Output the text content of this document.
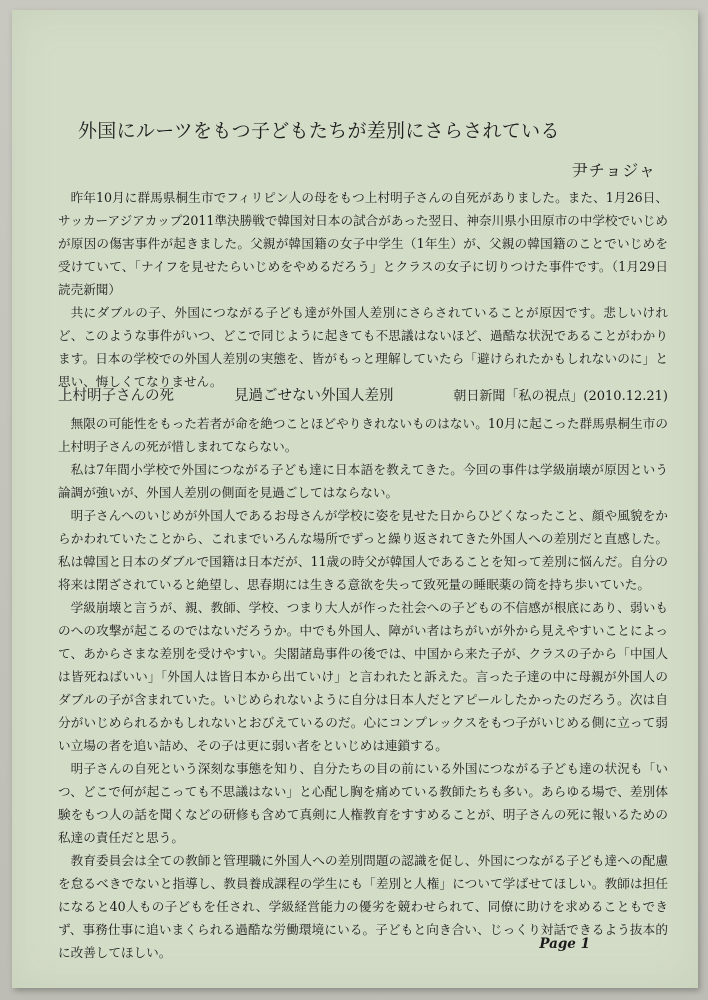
外国にルーツをもつ子どもたちが差別にさらされている
尹チョジャ

昨年10月に群馬県桐生市でフィリピン人の母をもつ上村明子さんの自死がありました。また、1月26日、サッカーアジアカップ2011準決勝戦で韓国対日本の試合があった翌日、神奈川県小田原市の中学校でいじめが原因の傷害事件が起きました。父親が韓国籍の女子中学生（1年生）が、父親の韓国籍のことでいじめを受けていて、「ナイフを見せたらいじめをやめるだろう」とクラスの女子に切りつけた事件です。（1月29日読売新聞）

共にダブルの子、外国につながる子ども達が外国人差別にさらされていることが原因です。悲しいけれど、このような事件がいつ、どこで同じように起きても不思議はないほど、過酷な状況であることがわかります。日本の学校での外国人差別の実態を、皆がもっと理解していたら「避けられたかもしれないのに」と思い、悔しくてなりません。

上村明子さんの死	見過ごせない外国人差別	朝日新聞「私の視点」(2010.12.21)

無限の可能性をもった若者が命を絶つことほどやりきれないものはない。10月に起こった群馬県桐生市の上村明子さんの死が惜しまれてならない。

私は7年間小学校で外国につながる子ども達に日本語を教えてきた。今回の事件は学級崩壊が原因という論調が強いが、外国人差別の側面を見過ごしてはならない。

明子さんへのいじめが外国人であるお母さんが学校に姿を見せた日からひどくなったこと、顔や風貌をからかわれていたことから、これまでいろんな場所でずっと繰り返されてきた外国人への差別だと直感した。私は韓国と日本のダブルで国籍は日本だが、11歳の時父が韓国人であることを知って差別に悩んだ。自分の将来は閉ざされていると絶望し、思春期には生きる意欲を失って致死量の睡眠薬の筒を持ち歩いていた。

学級崩壊と言うが、親、教師、学校、つまり大人が作った社会への子どもの不信感が根底にあり、弱いものへの攻撃が起こるのではないだろうか。中でも外国人、障がい者はちがいが外から見えやすいことによって、あからさまな差別を受けやすい。尖閣諸島事件の後では、中国から来た子が、クラスの子から「中国人は皆死ねばいい」「外国人は皆日本から出ていけ」と言われたと訴えた。言った子達の中に母親が外国人のダブルの子が含まれていた。いじめられないように自分は日本人だとアピールしたかったのだろう。次は自分がいじめられるかもしれないとおびえているのだ。心にコンプレックスをもつ子がいじめる側に立って弱い立場の者を追い詰め、その子は更に弱い者をといじめは連鎖する。

明子さんの自死という深刻な事態を知り、自分たちの目の前にいる外国につながる子ども達の状況も「いつ、どこで何が起こっても不思議はない」と心配し胸を痛めている教師たちも多い。あらゆる場で、差別体験をもつ人の話を聞くなどの研修も含めて真剣に人権教育をすすめることが、明子さんの死に報いるための私達の責任だと思う。

教育委員会は全ての教師と管理職に外国人への差別問題の認識を促し、外国につながる子ども達への配慮を怠るべきでないと指導し、教員養成課程の学生にも「差別と人権」について学ばせてほしい。教師は担任になると40人もの子どもを任され、学級経営能力の優劣を競わせられて、同僚に助けを求めることもできず、事務仕事に追いまくられる過酷な労働環境にいる。子どもと向き合い、じっくり対話できるよう抜本的に改善してほしい。

Page 1
